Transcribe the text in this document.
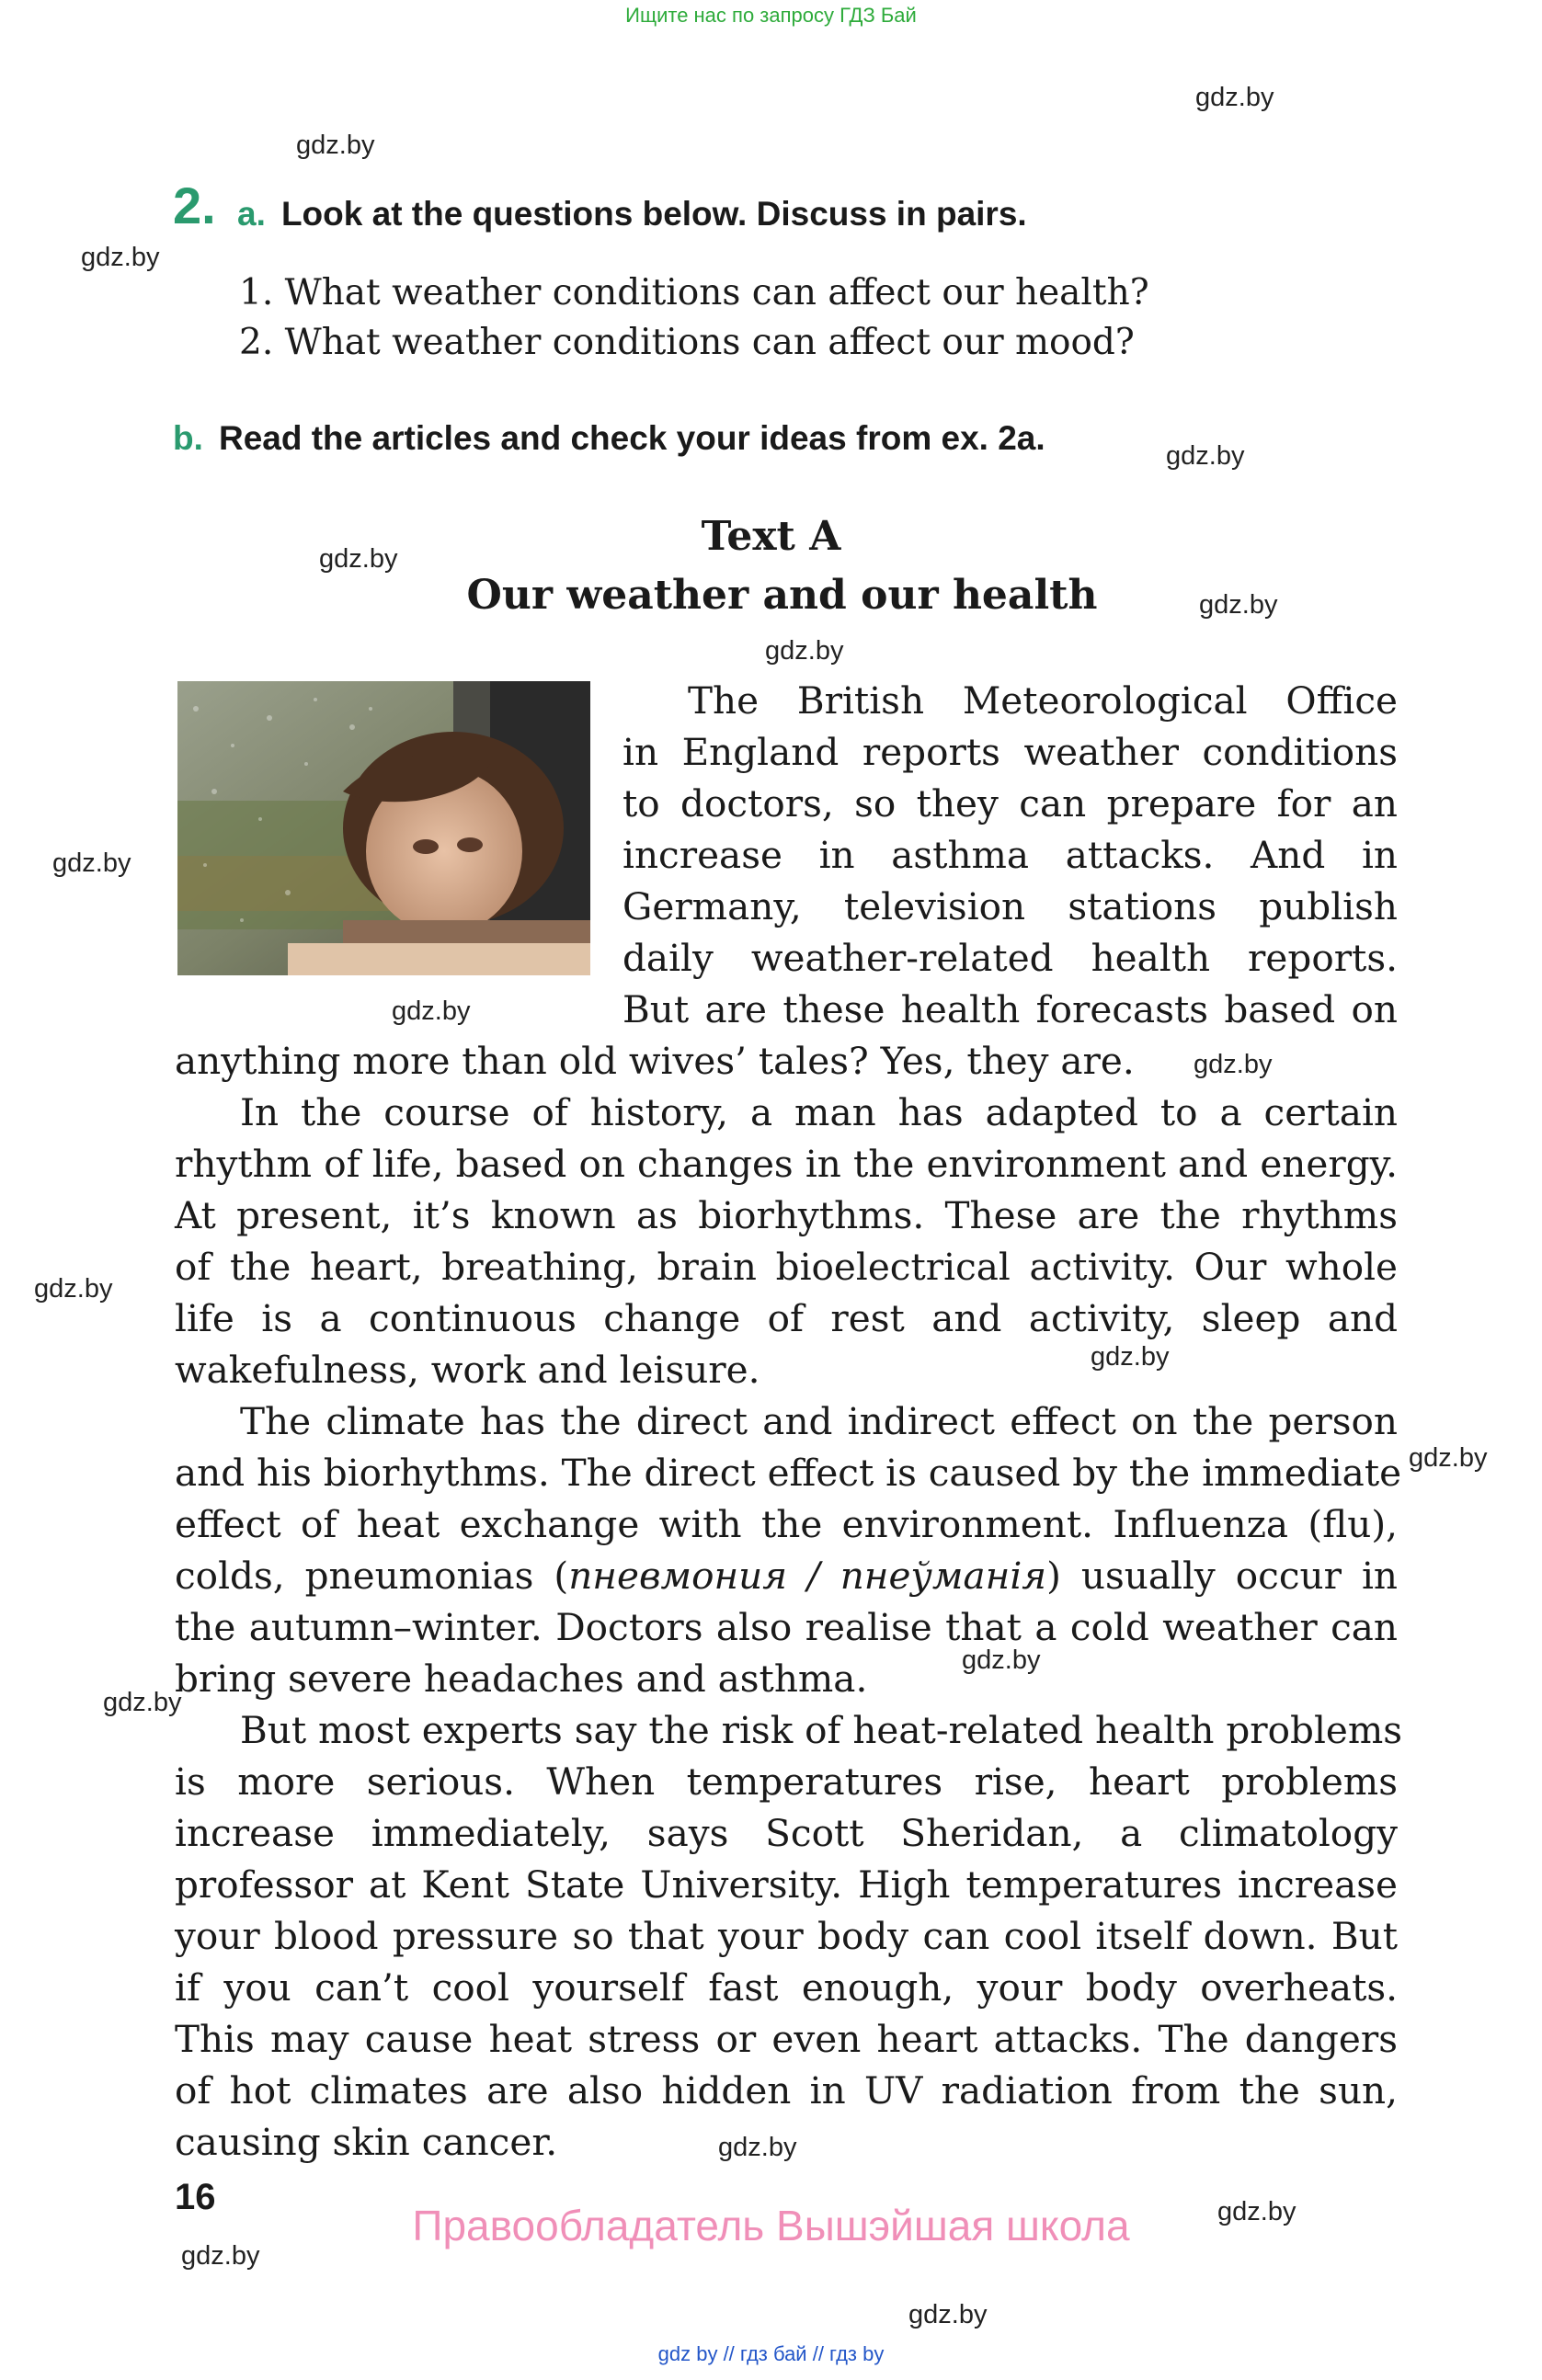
Ищите нас по запросу ГДЗ Бай
gdz.by
gdz.by
gdz.by
gdz.by
gdz.by
gdz.by
gdz.by
gdz.by
gdz.by
gdz.by
gdz.by
gdz.by
gdz.by
gdz.by
gdz.by
gdz.by
gdz.by
gdz.by
gdz.by
2. a. Look at the questions below. Discuss in pairs.
1. What weather conditions can affect our health?
2. What weather conditions can affect our mood?
b. Read the articles and check your ideas from ex. 2a.
Text A
Our weather and our health
The British Meteorological Office
in England reports weather conditions
to doctors, so they can prepare for an
increase in asthma attacks. And in
Germany, television stations publish
daily weather-related health reports.
But are these health forecasts based on
anything more than old wives’ tales? Yes, they are.
In the course of history, a man has adapted to a certain
rhythm of life, based on changes in the environment and energy.
At present, it’s known as biorhythms. These are the rhythms
of the heart, breathing, brain bioelectrical activity. Our whole
life is a continuous change of rest and activity, sleep and
wakefulness, work and leisure.
The climate has the direct and indirect effect on the person
and his biorhythms. The direct effect is caused by the immediate
effect of heat exchange with the environment. Influenza (flu),
colds, pneumonias (пневмония / пнеўманія) usually occur in
the autumn–winter. Doctors also realise that a cold weather can
bring severe headaches and asthma.
But most experts say the risk of heat-related health problems
is more serious. When temperatures rise, heart problems
increase immediately, says Scott Sheridan, a climatology
professor at Kent State University. High temperatures increase
your blood pressure so that your body can cool itself down. But
if you can’t cool yourself fast enough, your body overheats.
This may cause heat stress or even heart attacks. The dangers
of hot climates are also hidden in UV radiation from the sun,
causing skin cancer.
16
Правообладатель Вышэйшая школа
gdz by // гдз бай // гдз by
